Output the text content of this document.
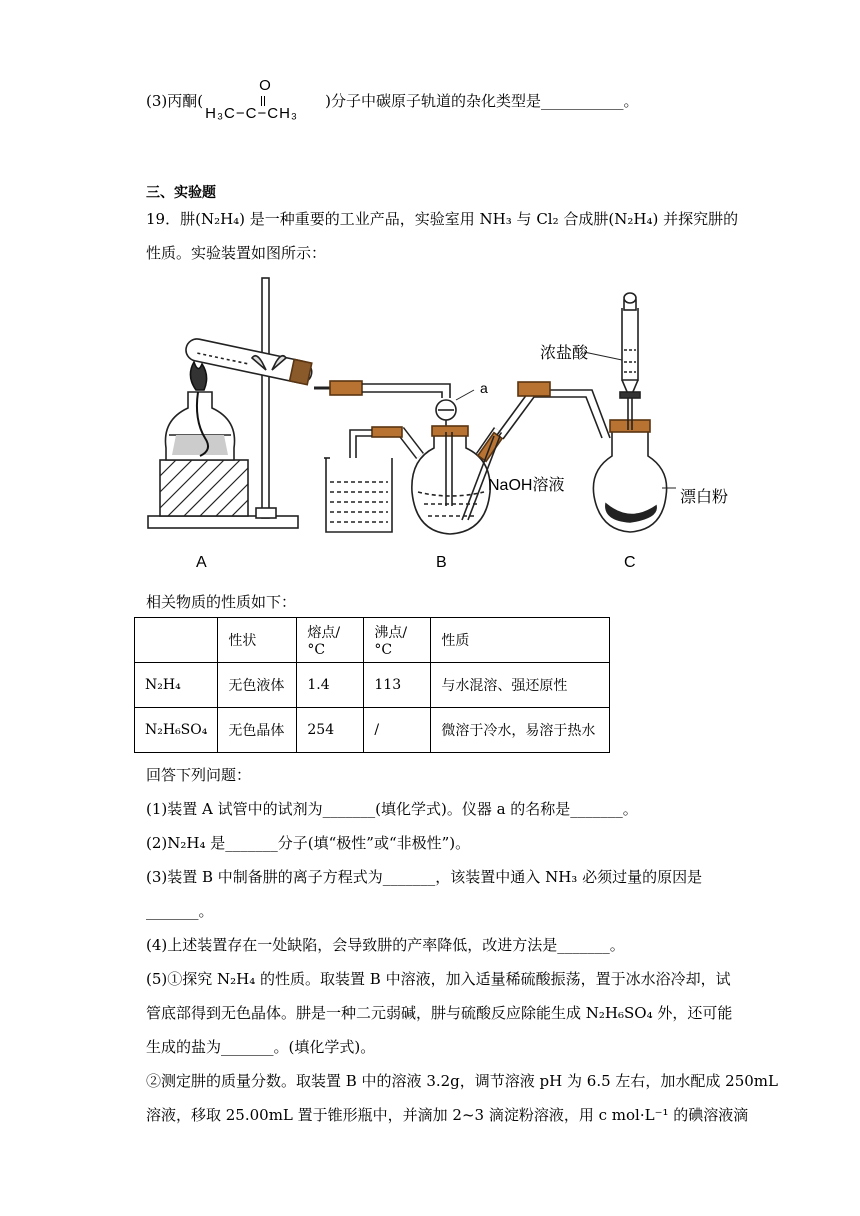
(3)丙酮(
O
H₃C−C−CH₃
)分子中碳原子轨道的杂化类型是___________。
三、实验题
19．肼(N₂H₄) 是一种重要的工业产品，实验室用 NH₃ 与 Cl₂ 合成肼(N₂H₄) 并探究肼的
性质。实验装置如图所示：
浓盐酸
a
NaOH溶液
漂白粉
A	B	C
相关物质的性质如下：
	性状	熔点/°C	沸点/°C	性质
N₂H₄	无色液体	1.4	113	与水混溶、强还原性
N₂H₆SO₄	无色晶体	254	/	微溶于冷水，易溶于热水
回答下列问题：
(1)装置 A 试管中的试剂为_______(填化学式)。仪器 a 的名称是_______。
(2)N₂H₄ 是_______分子(填“极性”或“非极性”)。
(3)装置 B 中制备肼的离子方程式为_______，该装置中通入 NH₃ 必须过量的原因是
_______。
(4)上述装置存在一处缺陷，会导致肼的产率降低，改进方法是_______。
(5)①探究 N₂H₄ 的性质。取装置 B 中溶液，加入适量稀硫酸振荡，置于冰水浴冷却，试
管底部得到无色晶体。肼是一种二元弱碱，肼与硫酸反应除能生成 N₂H₆SO₄ 外，还可能
生成的盐为_______。(填化学式)。
②测定肼的质量分数。取装置 B 中的溶液 3.2g，调节溶液 pH 为 6.5 左右，加水配成 250mL
溶液，移取 25.00mL 置于锥形瓶中，并滴加 2~3 滴淀粉溶液，用 c mol·L⁻¹ 的碘溶液滴
